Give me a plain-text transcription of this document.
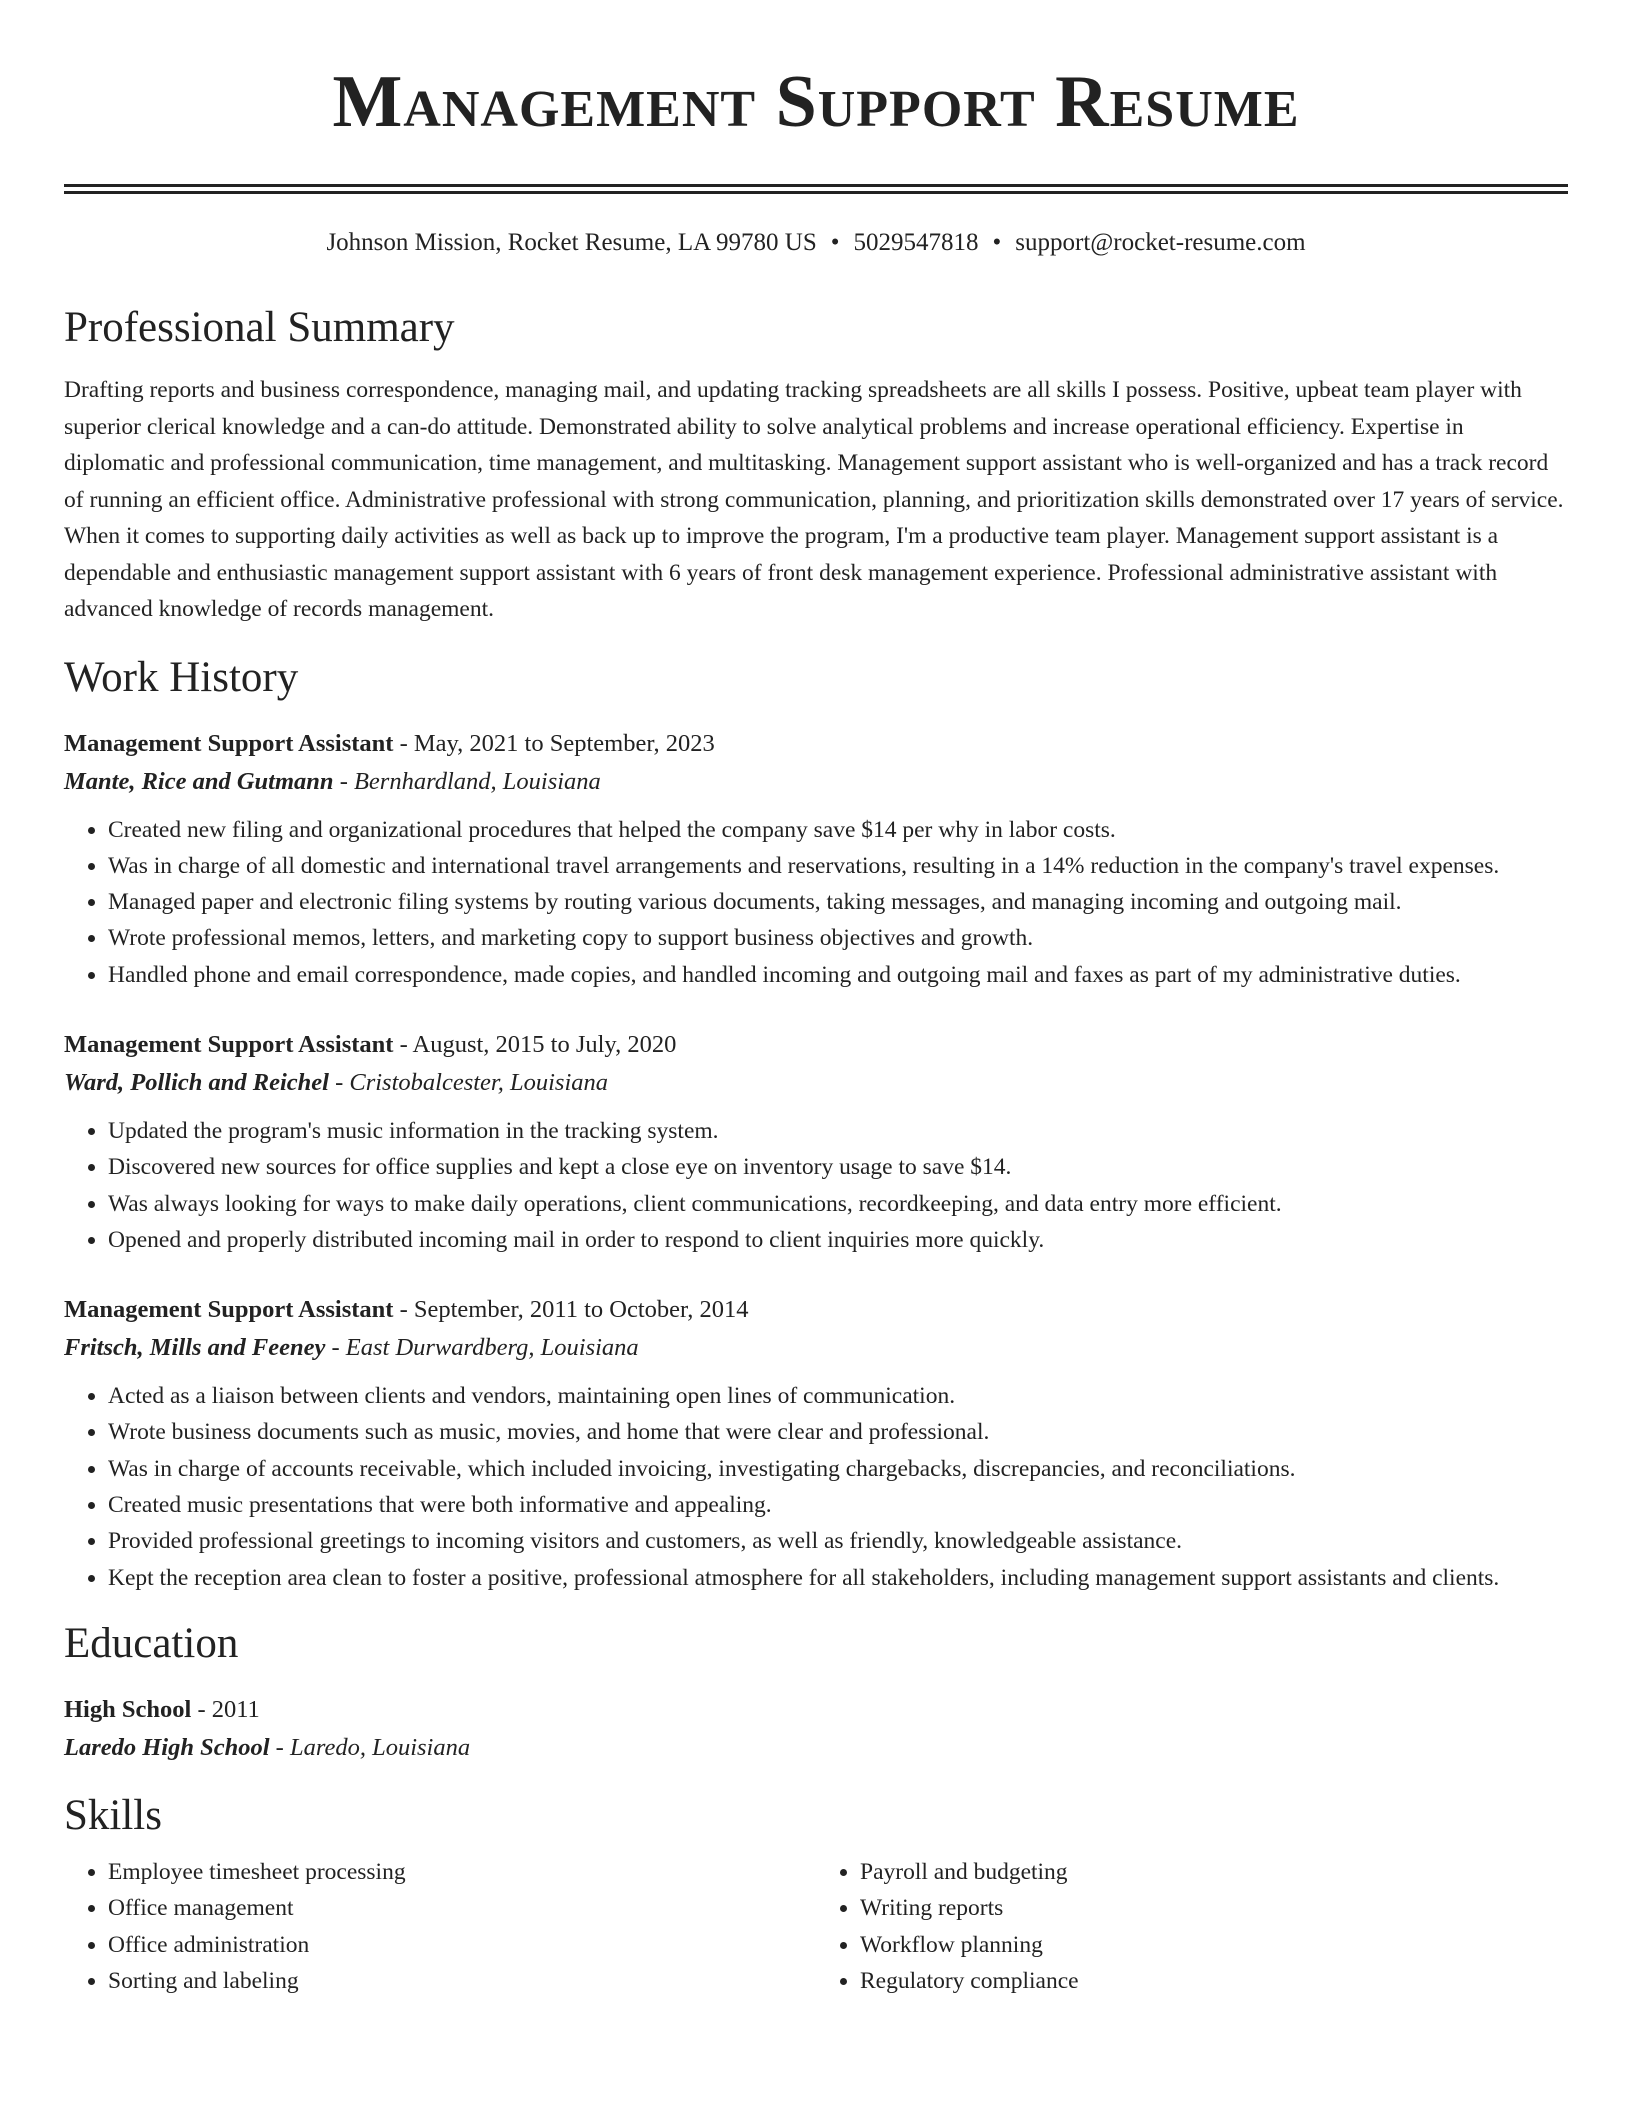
Management Support Resume
Johnson Mission, Rocket Resume, LA 99780 US • 5029547818 • support@rocket-resume.com
Professional Summary
Drafting reports and business correspondence, managing mail, and updating tracking spreadsheets are all skills I possess. Positive, upbeat team player with superior clerical knowledge and a can-do attitude. Demonstrated ability to solve analytical problems and increase operational efficiency. Expertise in diplomatic and professional communication, time management, and multitasking. Management support assistant who is well-organized and has a track record of running an efficient office. Administrative professional with strong communication, planning, and prioritization skills demonstrated over 17 years of service. When it comes to supporting daily activities as well as back up to improve the program, I'm a productive team player. Management support assistant is a dependable and enthusiastic management support assistant with 6 years of front desk management experience. Professional administrative assistant with advanced knowledge of records management.
Work History
Management Support Assistant - May, 2021 to September, 2023
Mante, Rice and Gutmann - Bernhardland, Louisiana
• Created new filing and organizational procedures that helped the company save $14 per why in labor costs.
• Was in charge of all domestic and international travel arrangements and reservations, resulting in a 14% reduction in the company's travel expenses.
• Managed paper and electronic filing systems by routing various documents, taking messages, and managing incoming and outgoing mail.
• Wrote professional memos, letters, and marketing copy to support business objectives and growth.
• Handled phone and email correspondence, made copies, and handled incoming and outgoing mail and faxes as part of my administrative duties.
Management Support Assistant - August, 2015 to July, 2020
Ward, Pollich and Reichel - Cristobalcester, Louisiana
• Updated the program's music information in the tracking system.
• Discovered new sources for office supplies and kept a close eye on inventory usage to save $14.
• Was always looking for ways to make daily operations, client communications, recordkeeping, and data entry more efficient.
• Opened and properly distributed incoming mail in order to respond to client inquiries more quickly.
Management Support Assistant - September, 2011 to October, 2014
Fritsch, Mills and Feeney - East Durwardberg, Louisiana
• Acted as a liaison between clients and vendors, maintaining open lines of communication.
• Wrote business documents such as music, movies, and home that were clear and professional.
• Was in charge of accounts receivable, which included invoicing, investigating chargebacks, discrepancies, and reconciliations.
• Created music presentations that were both informative and appealing.
• Provided professional greetings to incoming visitors and customers, as well as friendly, knowledgeable assistance.
• Kept the reception area clean to foster a positive, professional atmosphere for all stakeholders, including management support assistants and clients.
Education
High School - 2011
Laredo High School - Laredo, Louisiana
Skills
• Employee timesheet processing
• Office management
• Office administration
• Sorting and labeling
• Payroll and budgeting
• Writing reports
• Workflow planning
• Regulatory compliance
